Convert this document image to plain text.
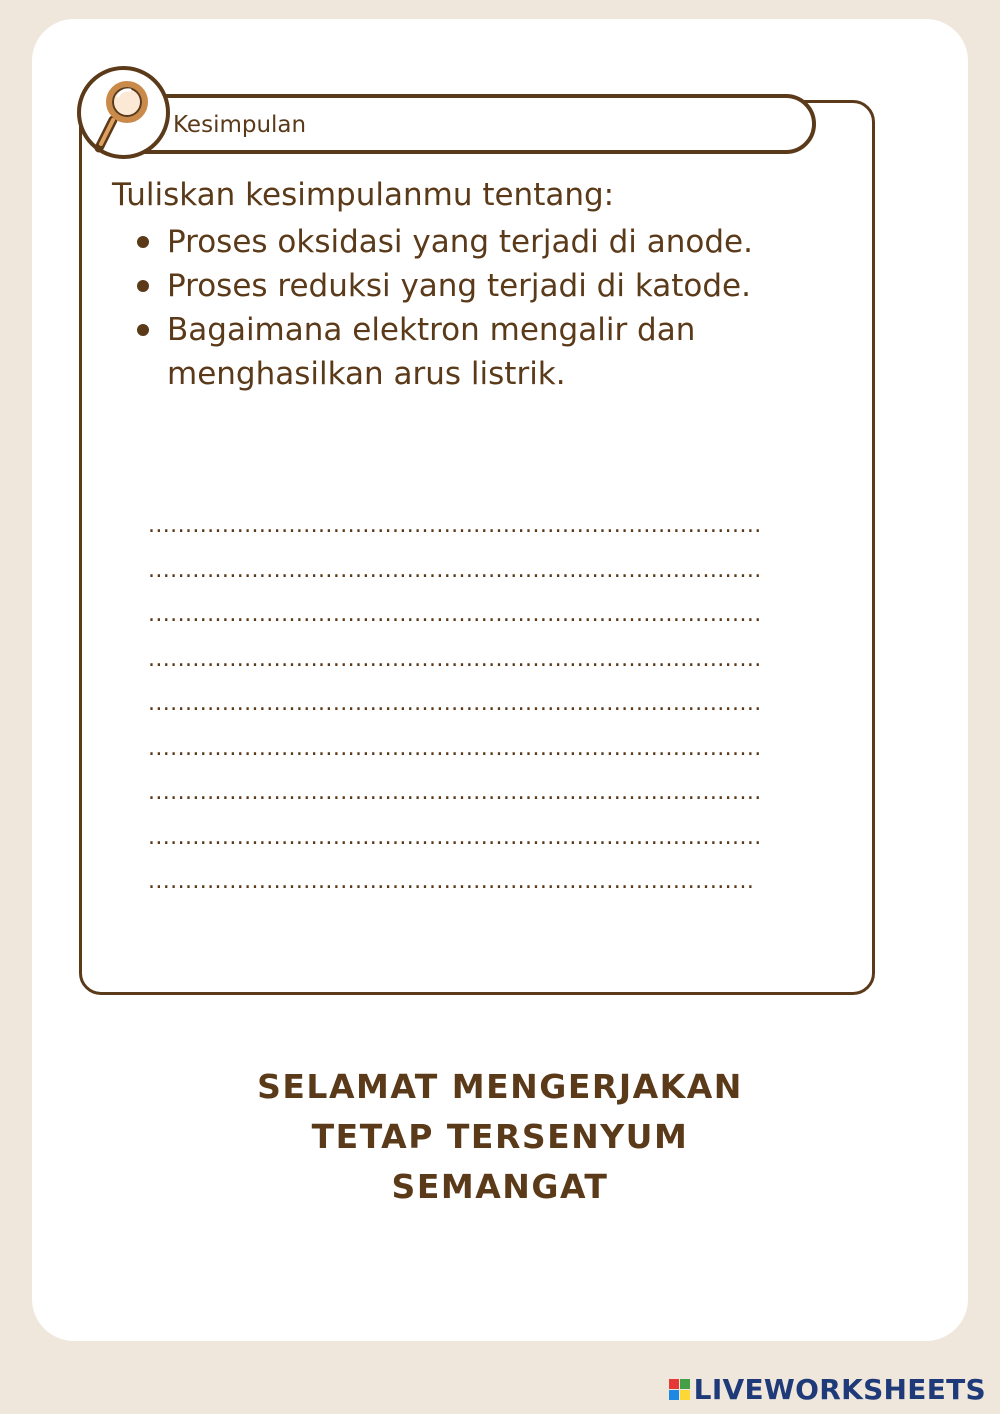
Kesimpulan

Tuliskan kesimpulanmu tentang:

Proses oksidasi yang terjadi di anode.
Proses reduksi yang terjadi di katode.
Bagaimana elektron mengalir dan menghasilkan arus listrik.
...................................................................................
...................................................................................
...................................................................................
...................................................................................
...................................................................................
...................................................................................
...................................................................................
...................................................................................
..................................................................................
SELAMAT MENGERJAKAN
TETAP TERSENYUM
SEMANGAT
LIVEWORKSHEETS
